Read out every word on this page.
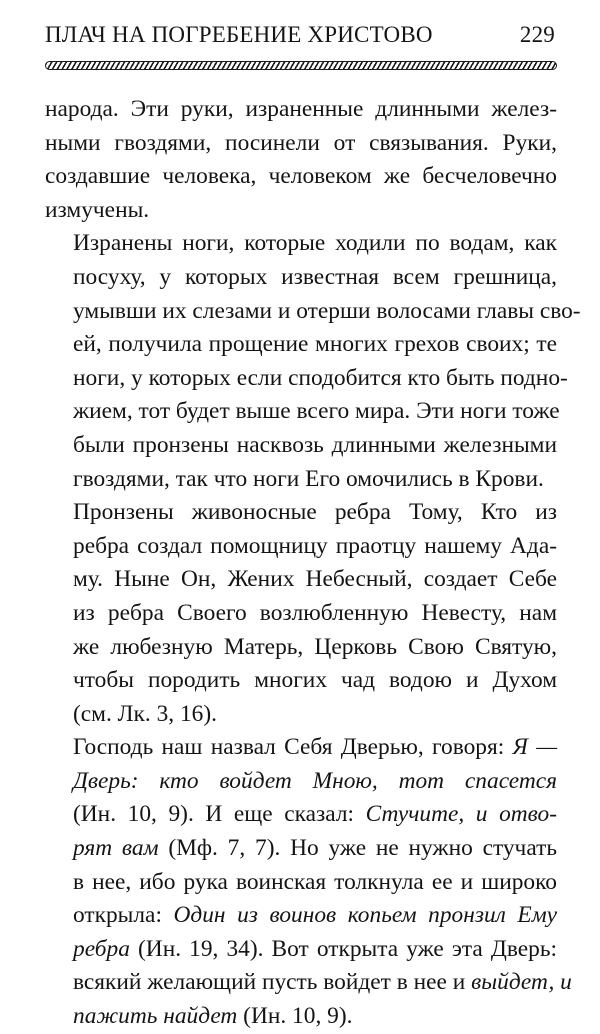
ПЛАЧ НА ПОГРЕБЕНИЕ ХРИСТОВО	229

народа. Эти руки, израненные длинными желез-
ными гвоздями, посинели от связывания. Руки,
создавшие человека, человеком же бесчеловечно
измучены.

Изранены ноги, которые ходили по водам, как
посуху, у которых известная всем грешница,
умывши их слезами и отерши волосами главы сво-
ей, получила прощение многих грехов своих; те
ноги, у которых если сподобится кто быть подно-
жием, тот будет выше всего мира. Эти ноги тоже
были пронзены насквозь длинными железными
гвоздями, так что ноги Его омочились в Крови.

Пронзены живоносные ребра Тому, Кто из
ребра создал помощницу праотцу нашему Ада-
му. Ныне Он, Жених Небесный, создает Себе
из ребра Своего возлюбленную Невесту, нам
же любезную Матерь, Церковь Свою Святую,
чтобы породить многих чад водою и Духом
(см. Лк. 3, 16).

Господь наш назвал Себя Дверью, говоря: Я —
Дверь: кто войдет Мною, тот спасется
(Ин. 10, 9). И еще сказал: Стучите, и отво-
рят вам (Мф. 7, 7). Но уже не нужно стучать
в нее, ибо рука воинская толкнула ее и широко
открыла: Один из воинов копьем пронзил Ему
ребра (Ин. 19, 34). Вот открыта уже эта Дверь:
всякий желающий пусть войдет в нее и выйдет, и
пажить найдет (Ин. 10, 9).
